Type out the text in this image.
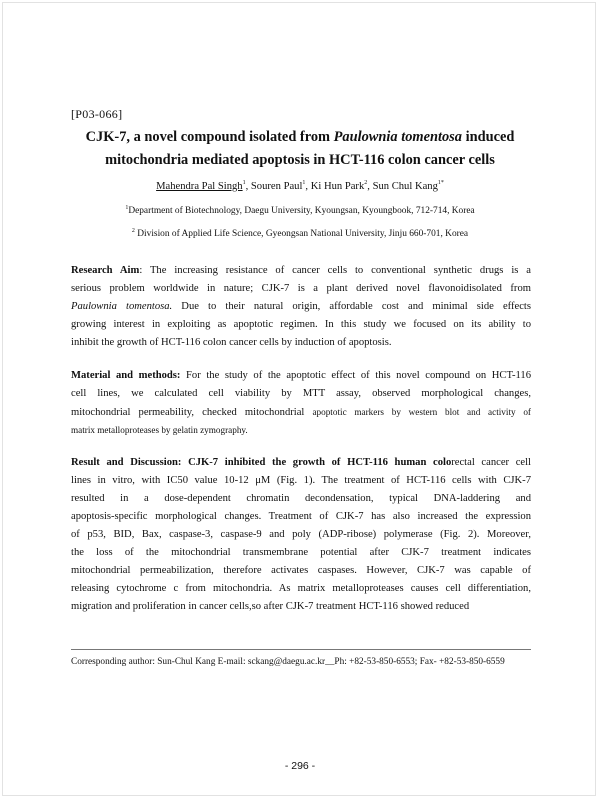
[P03-066]
CJK-7, a novel compound isolated from Paulownia tomentosa induced
mitochondria mediated apoptosis in HCT-116 colon cancer cells
Mahendra Pal Singh$^1$, Souren Paul$^1$, Ki Hun Park$^2$, Sun Chul Kang$^{1*}$
$^1$Department of Biotechnology, Daegu University, Kyoungsan, Kyoungbook, 712-714, Korea
$^2$ Division of Applied Life Science, Gyeongsan National University, Jinju 660-701, Korea
Research Aim: The increasing resistance of cancer cells to conventional synthetic drugs is a
serious problem worldwide in nature; CJK-7 is a plant derived novel flavonoidisolated from
Paulownia tomentosa. Due to their natural origin, affordable cost and minimal side effects
growing interest in exploiting as apoptotic regimen. In this study we focused on its ability to
inhibit the growth of HCT-116 colon cancer cells by induction of apoptosis.
Material and methods: For the study of the apoptotic effect of this novel compound on HCT-116
cell lines, we calculated cell viability by MTT assay, observed morphological changes,
mitochondrial permeability, checked mitochondrial apoptotic markers by western blot and activity of
matrix metalloproteases by gelatin zymography.
Result and Discussion: CJK-7 inhibited the growth of HCT-116 human colorectal cancer cell
lines in vitro, with IC50 value 10-12 μM (Fig. 1). The treatment of HCT-116 cells with CJK-7
resulted in a dose-dependent chromatin decondensation, typical DNA-laddering and
apoptosis-specific morphological changes. Treatment of CJK-7 has also increased the expression
of p53, BID, Bax, caspase-3, caspase-9 and poly (ADP-ribose) polymerase (Fig. 2). Moreover,
the loss of the mitochondrial transmembrane potential after CJK-7 treatment indicates
mitochondrial permeabilization, therefore activates caspases. However, CJK-7 was capable of
releasing cytochrome c from mitochondria. As matrix metalloproteases causes cell differentiation,
migration and proliferation in cancer cells,so after CJK-7 treatment HCT-116 showed reduced
Corresponding author: Sun-Chul Kang E-mail: sckang@daegu.ac.kr__Ph: +82-53-850-6553; Fax- +82-53-850-6559
- 296 -
